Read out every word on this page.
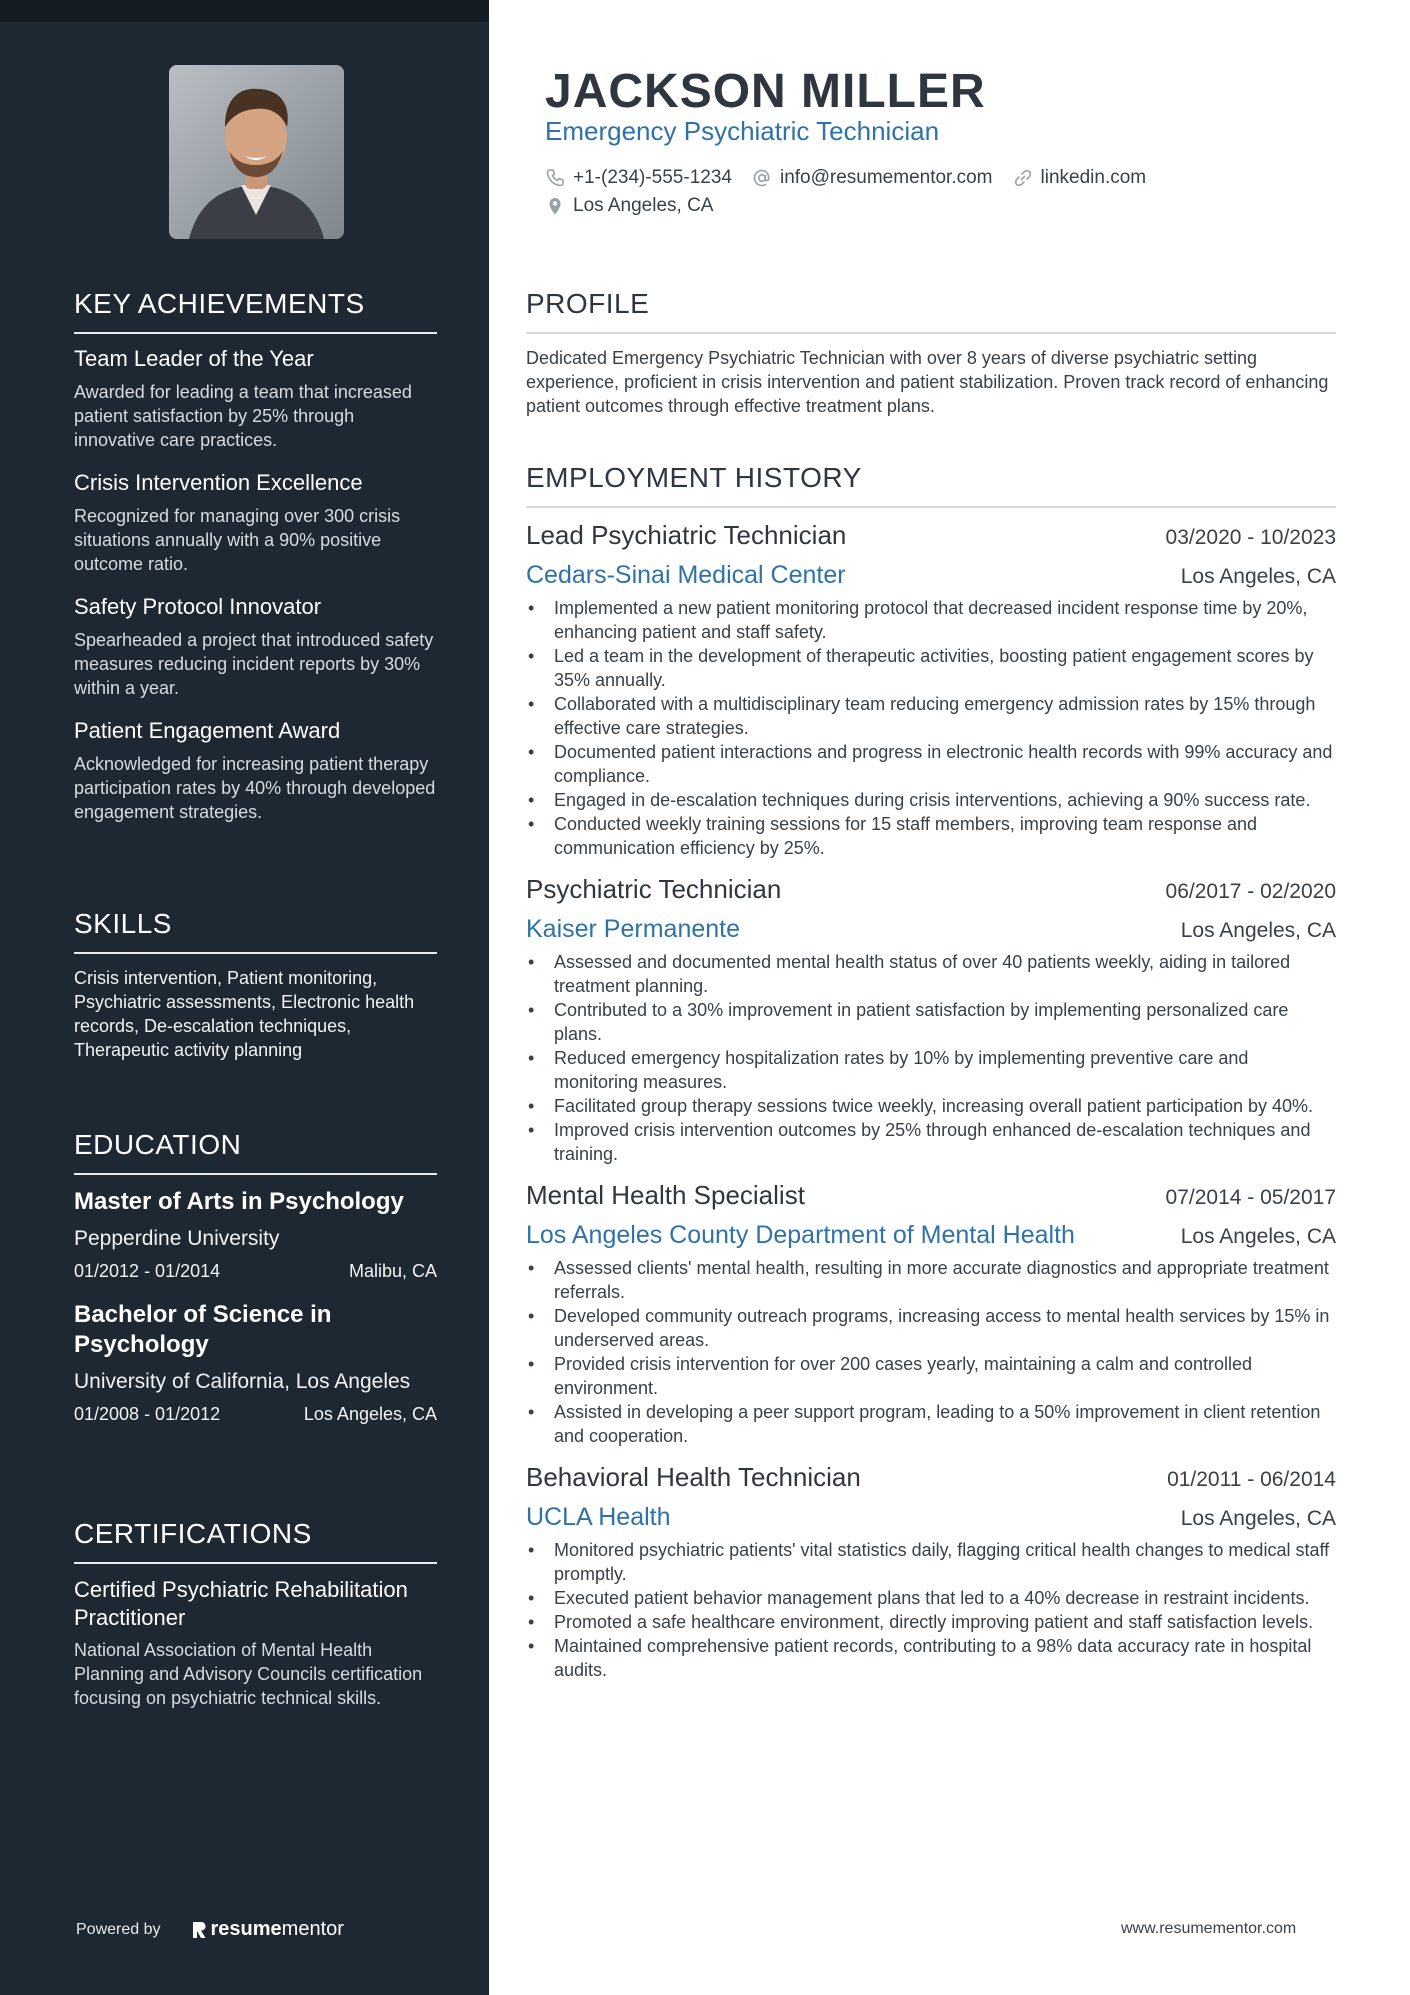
KEY ACHIEVEMENTS
Team Leader of the Year
Awarded for leading a team that increased patient satisfaction by 25% through innovative care practices.
Crisis Intervention Excellence
Recognized for managing over 300 crisis situations annually with a 90% positive outcome ratio.
Safety Protocol Innovator
Spearheaded a project that introduced safety measures reducing incident reports by 30% within a year.
Patient Engagement Award
Acknowledged for increasing patient therapy participation rates by 40% through developed engagement strategies.
SKILLS
Crisis intervention, Patient monitoring, Psychiatric assessments, Electronic health records, De-escalation techniques, Therapeutic activity planning
EDUCATION
Master of Arts in Psychology
Pepperdine University
01/2012 - 01/2014	Malibu, CA
Bachelor of Science in Psychology
University of California, Los Angeles
01/2008 - 01/2012	Los Angeles, CA
CERTIFICATIONS
Certified Psychiatric Rehabilitation Practitioner
National Association of Mental Health Planning and Advisory Councils certification focusing on psychiatric technical skills.
Powered by	resume mentor
JACKSON MILLER
Emergency Psychiatric Technician
+1-(234)-555-1234	info@resumementor.com	linkedin.com
Los Angeles, CA
PROFILE

Dedicated Emergency Psychiatric Technician with over 8 years of diverse psychiatric setting experience, proficient in crisis intervention and patient stabilization. Proven track record of enhancing patient outcomes through effective treatment plans.

EMPLOYMENT HISTORY
Lead Psychiatric Technician	03/2020 - 10/2023
Cedars-Sinai Medical Center	Los Angeles, CA
• Implemented a new patient monitoring protocol that decreased incident response time by 20%, enhancing patient and staff safety.
• Led a team in the development of therapeutic activities, boosting patient engagement scores by 35% annually.
• Collaborated with a multidisciplinary team reducing emergency admission rates by 15% through effective care strategies.
• Documented patient interactions and progress in electronic health records with 99% accuracy and compliance.
• Engaged in de-escalation techniques during crisis interventions, achieving a 90% success rate.
• Conducted weekly training sessions for 15 staff members, improving team response and communication efficiency by 25%.
Psychiatric Technician	06/2017 - 02/2020
Kaiser Permanente	Los Angeles, CA
• Assessed and documented mental health status of over 40 patients weekly, aiding in tailored treatment planning.
• Contributed to a 30% improvement in patient satisfaction by implementing personalized care plans.
• Reduced emergency hospitalization rates by 10% by implementing preventive care and monitoring measures.
• Facilitated group therapy sessions twice weekly, increasing overall patient participation by 40%.
• Improved crisis intervention outcomes by 25% through enhanced de-escalation techniques and training.
Mental Health Specialist	07/2014 - 05/2017
Los Angeles County Department of Mental Health	Los Angeles, CA
• Assessed clients' mental health, resulting in more accurate diagnostics and appropriate treatment referrals.
• Developed community outreach programs, increasing access to mental health services by 15% in underserved areas.
• Provided crisis intervention for over 200 cases yearly, maintaining a calm and controlled environment.
• Assisted in developing a peer support program, leading to a 50% improvement in client retention and cooperation.
Behavioral Health Technician	01/2011 - 06/2014
UCLA Health	Los Angeles, CA
• Monitored psychiatric patients' vital statistics daily, flagging critical health changes to medical staff promptly.
• Executed patient behavior management plans that led to a 40% decrease in restraint incidents.
• Promoted a safe healthcare environment, directly improving patient and staff satisfaction levels.
• Maintained comprehensive patient records, contributing to a 98% data accuracy rate in hospital audits.
www.resumementor.com
